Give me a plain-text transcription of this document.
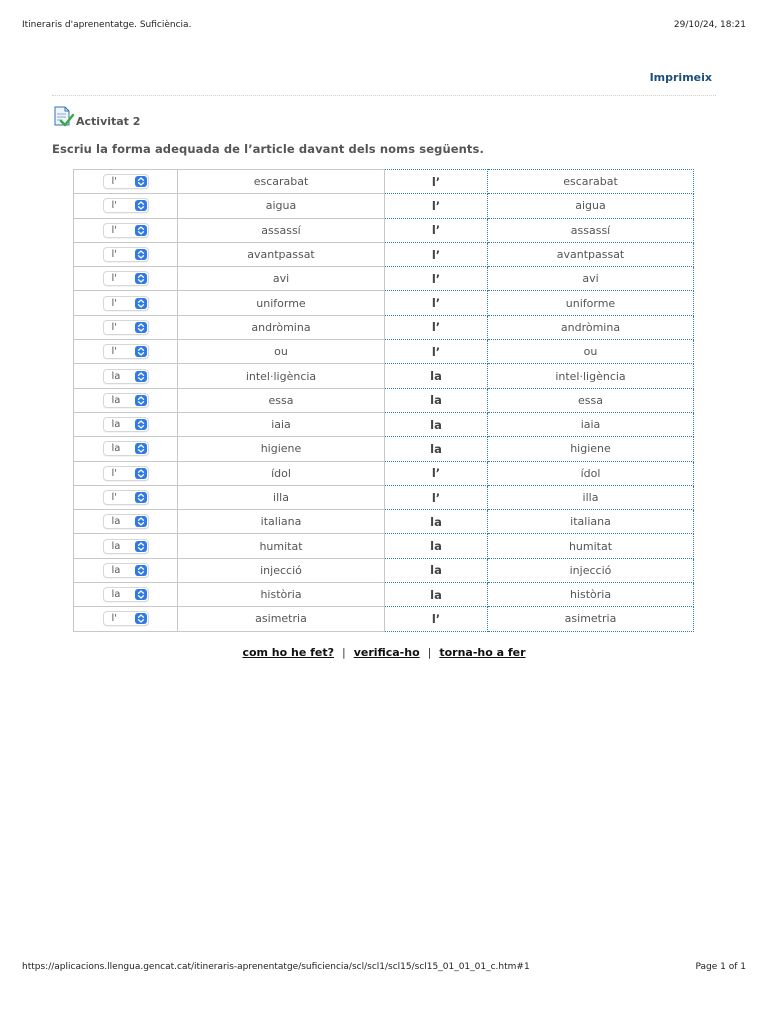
Itineraris d'aprenentatge. Suficiència.	29/10/24, 18:21
Imprimeix
Activitat 2
Escriu la forma adequada de l’article davant dels noms següents.
l'	escarabat	l’	escarabat

l'	aigua	l’	aigua

l'	assassí	l’	assassí

l'	avantpassat	l’	avantpassat

l'	avi	l’	avi

l'	uniforme	l’	uniforme

l'	andròmina	l’	andròmina

l'	ou	l’	ou

la	intel·ligència	la	intel·ligència

la	essa	la	essa

la	iaia	la	iaia

la	higiene	la	higiene

l'	ídol	l’	ídol

l'	illa	l’	illa

la	italiana	la	italiana

la	humitat	la	humitat

la	injecció	la	injecció

la	història	la	història

l'	asimetria	l’	asimetria
com ho he fet? | verifica-ho | torna-ho a fer
https://aplicacions.llengua.gencat.cat/itineraris-aprenentatge/suficiencia/scl/scl1/scl15/scl15_01_01_01_c.htm#1	Page 1 of 1
